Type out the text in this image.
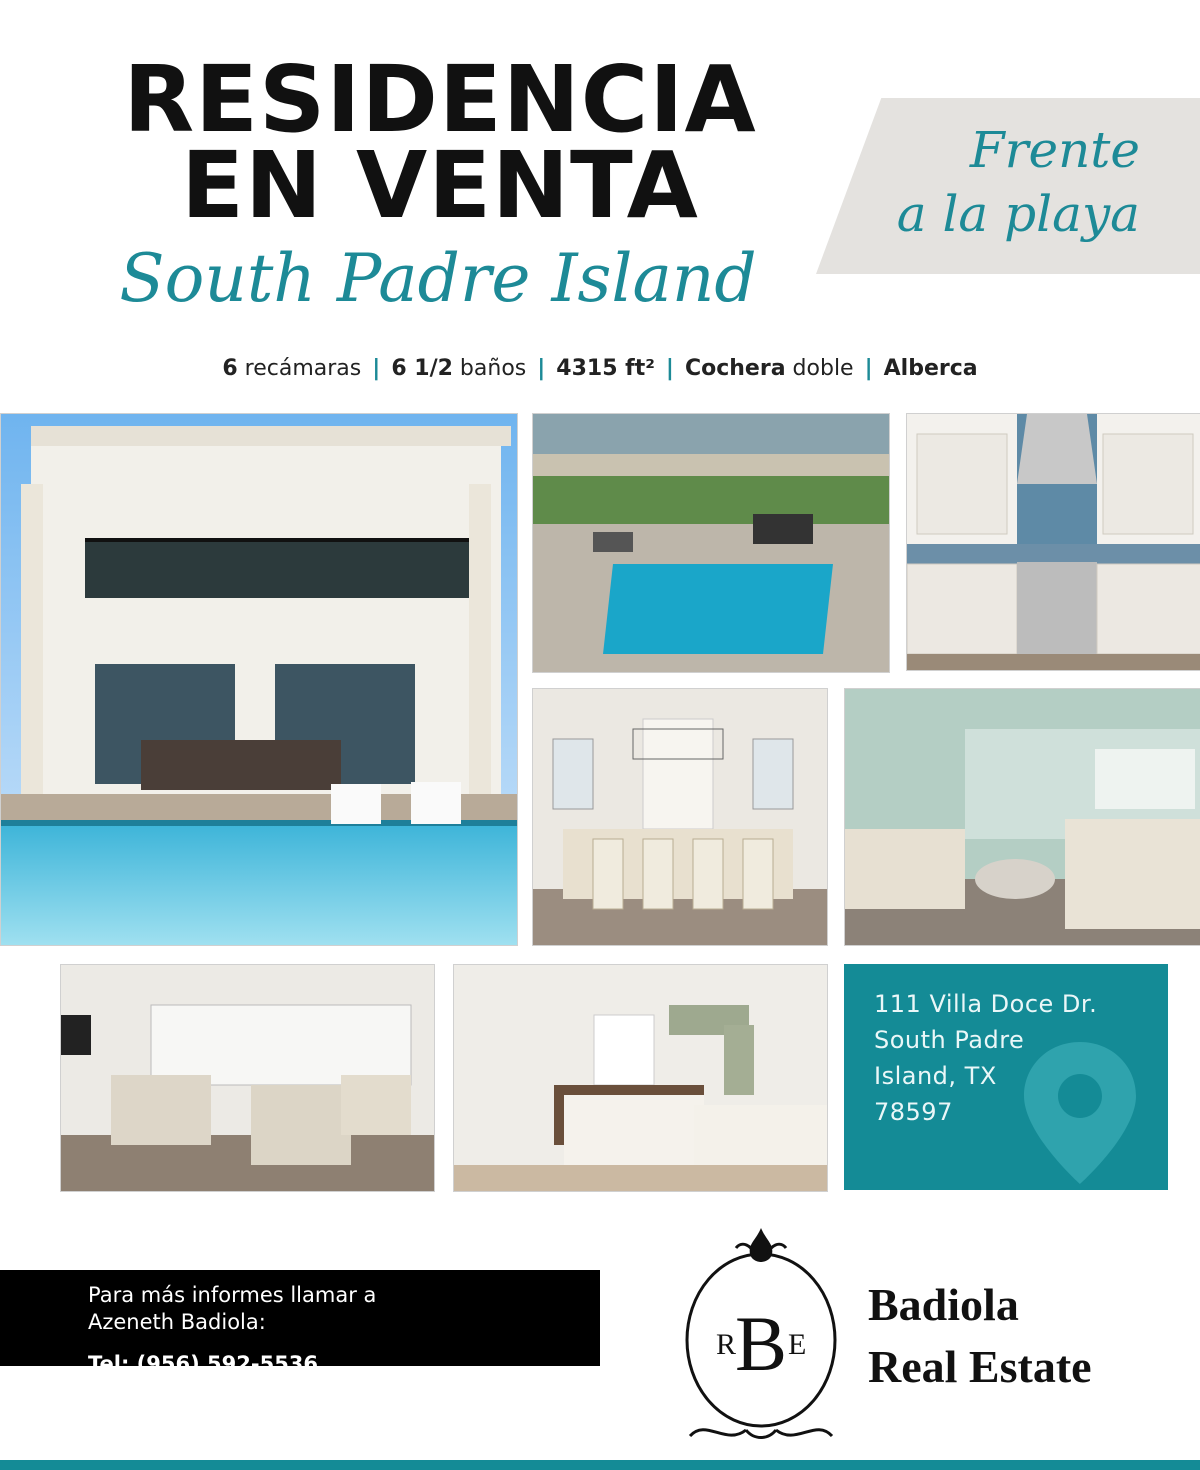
RESIDENCIA
EN VENTA
South Padre Island
Frente
a la playa
6 recámaras | 6 1/2 baños | 4315 ft² | Cochera doble | Alberca
111 Villa Doce Dr.
South Padre
Island, TX
78597
Para más informes llamar a
Azeneth Badiola:
Tel: (956) 592-5536
R
B E
Badiola
Real Estate
